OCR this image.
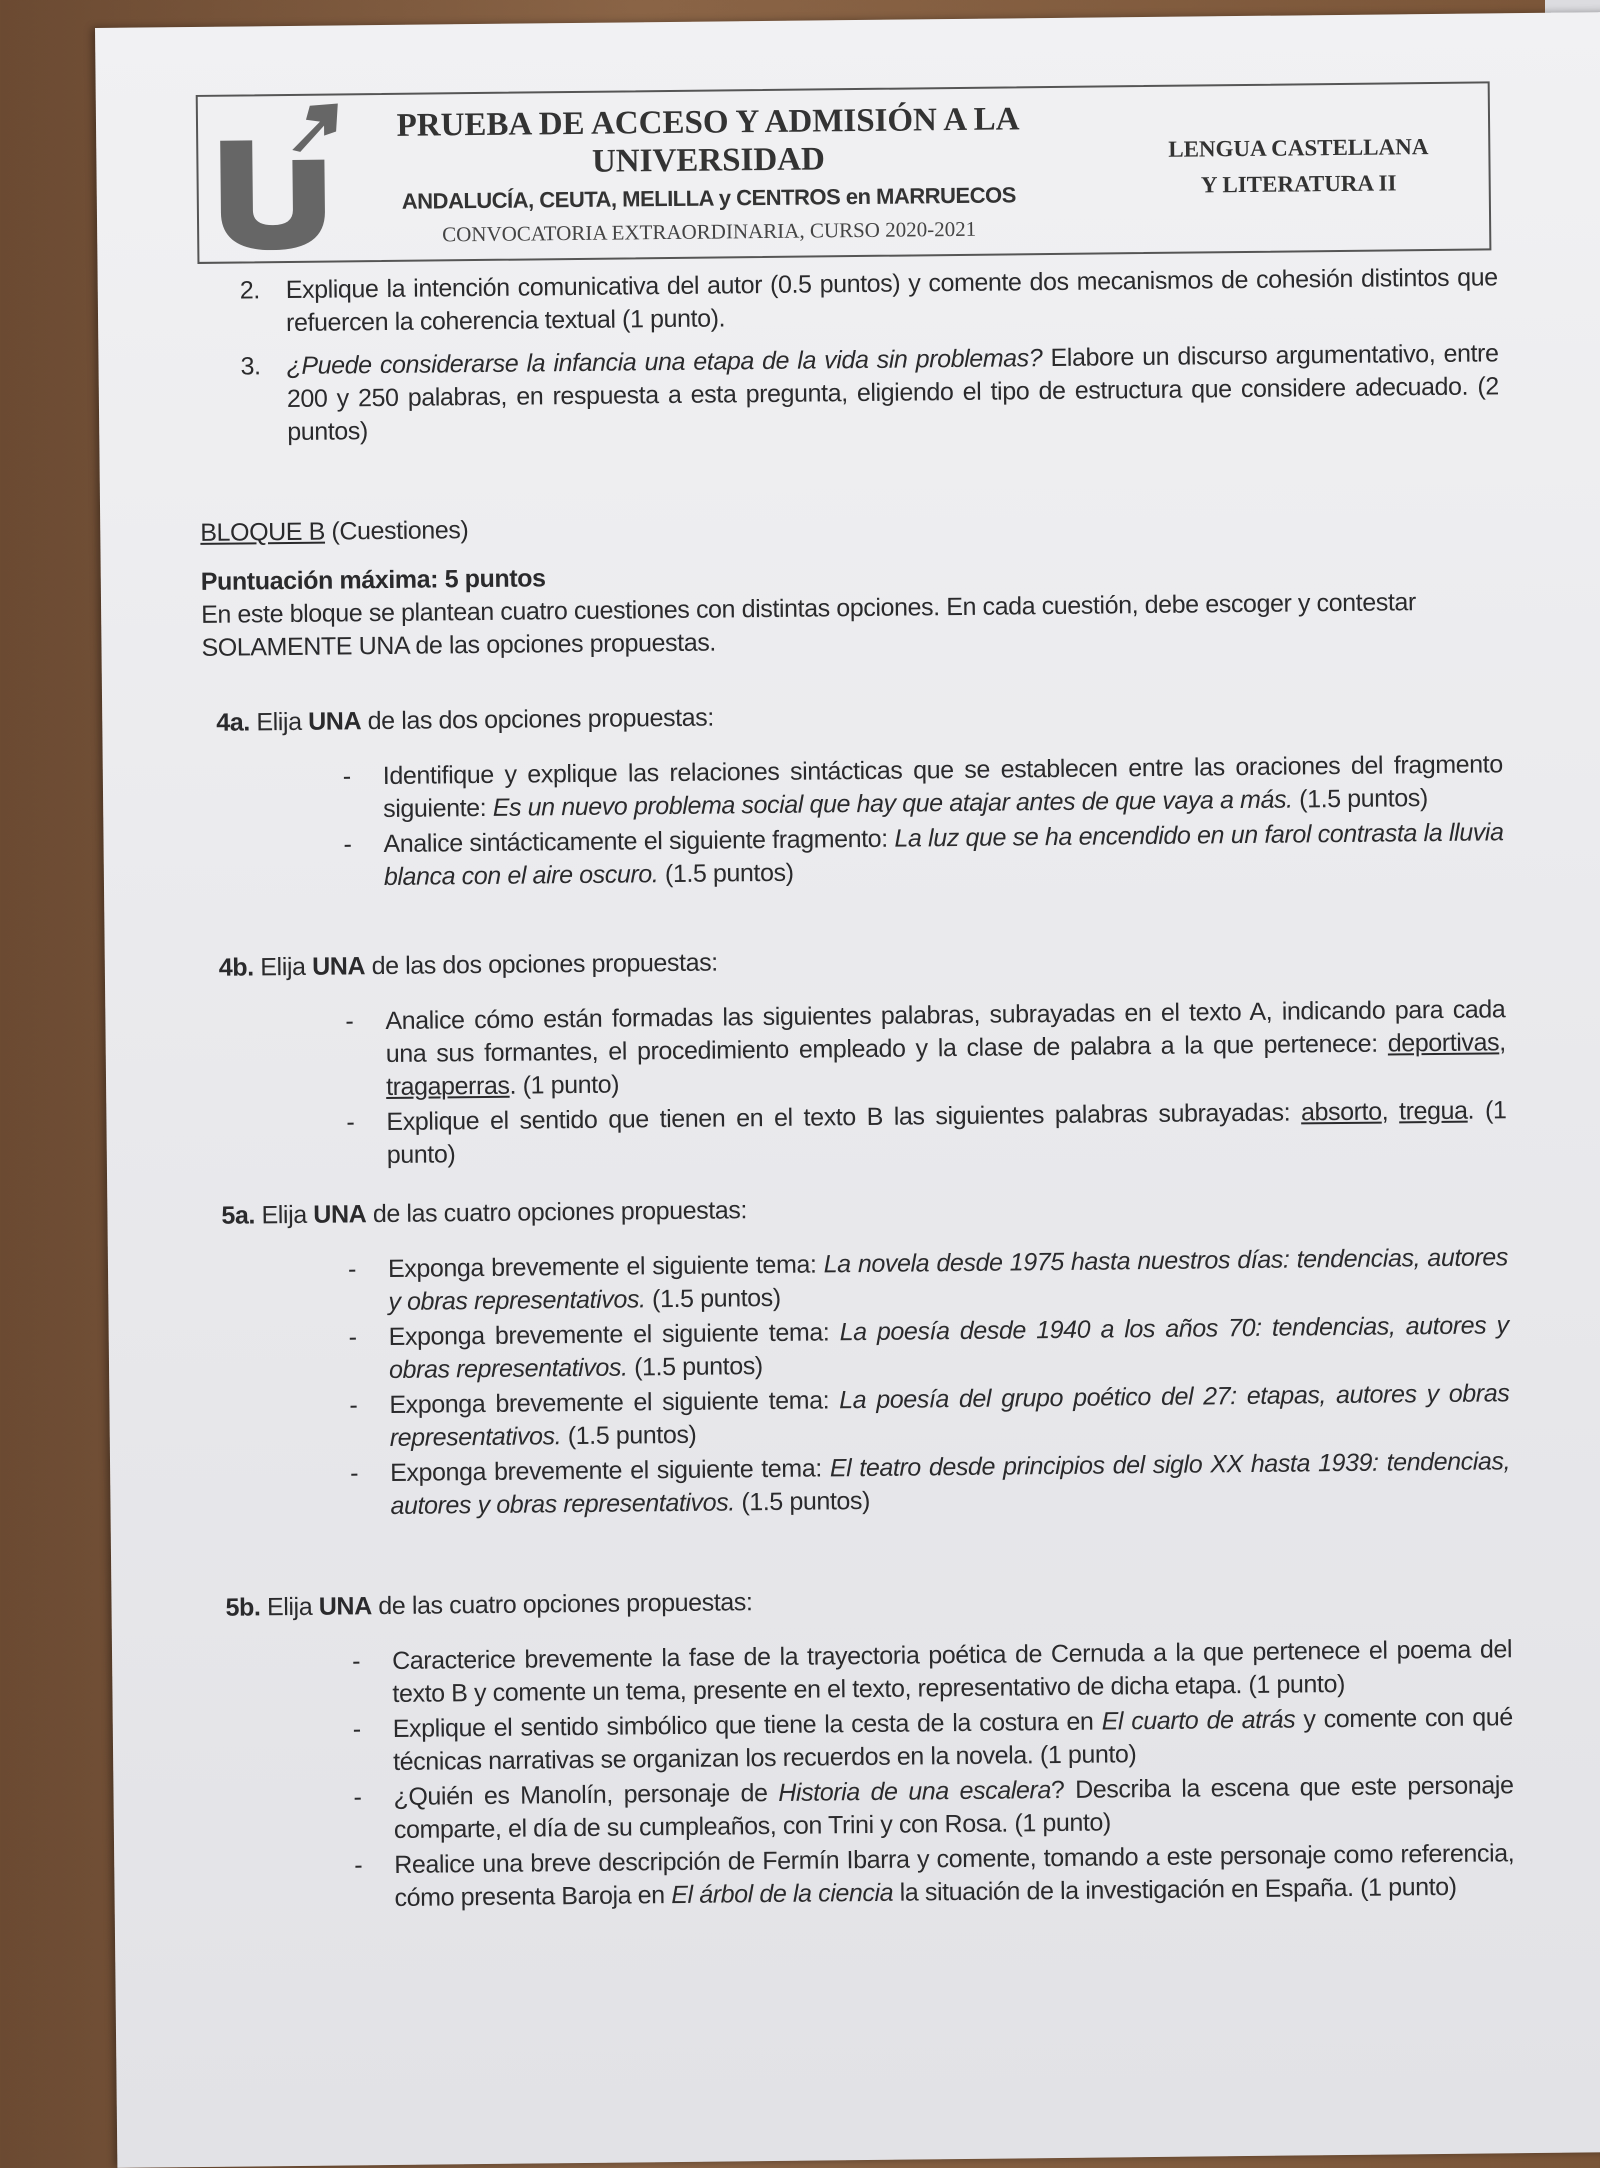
PRUEBA DE ACCESO Y ADMISIÓN A LA
UNIVERSIDAD
ANDALUCÍA, CEUTA, MELILLA y CENTROS en MARRUECOS
CONVOCATORIA EXTRAORDINARIA, CURSO 2020-2021
LENGUA CASTELLANA
Y LITERATURA II
2. Explique la intención comunicativa del autor (0.5 puntos) y comente dos mecanismos de cohesión distintos que refuercen la coherencia textual (1 punto).
3. ¿Puede considerarse la infancia una etapa de la vida sin problemas? Elabore un discurso argumentativo, entre 200 y 250 palabras, en respuesta a esta pregunta, eligiendo el tipo de estructura que considere adecuado. (2 puntos)
BLOQUE B (Cuestiones)
Puntuación máxima: 5 puntos
En este bloque se plantean cuatro cuestiones con distintas opciones. En cada cuestión, debe escoger y contestar SOLAMENTE UNA de las opciones propuestas.
4a. Elija UNA de las dos opciones propuestas:
- Identifique y explique las relaciones sintácticas que se establecen entre las oraciones del fragmento siguiente: Es un nuevo problema social que hay que atajar antes de que vaya a más. (1.5 puntos)
- Analice sintácticamente el siguiente fragmento: La luz que se ha encendido en un farol contrasta la lluvia blanca con el aire oscuro. (1.5 puntos)
4b. Elija UNA de las dos opciones propuestas:
- Analice cómo están formadas las siguientes palabras, subrayadas en el texto A, indicando para cada una sus formantes, el procedimiento empleado y la clase de palabra a la que pertenece: deportivas, tragaperras. (1 punto)
- Explique el sentido que tienen en el texto B las siguientes palabras subrayadas: absorto, tregua. (1 punto)
5a. Elija UNA de las cuatro opciones propuestas:
- Exponga brevemente el siguiente tema: La novela desde 1975 hasta nuestros días: tendencias, autores y obras representativos. (1.5 puntos)
- Exponga brevemente el siguiente tema: La poesía desde 1940 a los años 70: tendencias, autores y obras representativos. (1.5 puntos)
- Exponga brevemente el siguiente tema: La poesía del grupo poético del 27: etapas, autores y obras representativos. (1.5 puntos)
- Exponga brevemente el siguiente tema: El teatro desde principios del siglo XX hasta 1939: tendencias, autores y obras representativos. (1.5 puntos)
5b. Elija UNA de las cuatro opciones propuestas:
- Caracterice brevemente la fase de la trayectoria poética de Cernuda a la que pertenece el poema del texto B y comente un tema, presente en el texto, representativo de dicha etapa. (1 punto)
- Explique el sentido simbólico que tiene la cesta de la costura en El cuarto de atrás y comente con qué técnicas narrativas se organizan los recuerdos en la novela. (1 punto)
- ¿Quién es Manolín, personaje de Historia de una escalera? Describa la escena que este personaje comparte, el día de su cumpleaños, con Trini y con Rosa. (1 punto)
- Realice una breve descripción de Fermín Ibarra y comente, tomando a este personaje como referencia, cómo presenta Baroja en El árbol de la ciencia la situación de la investigación en España. (1 punto)
